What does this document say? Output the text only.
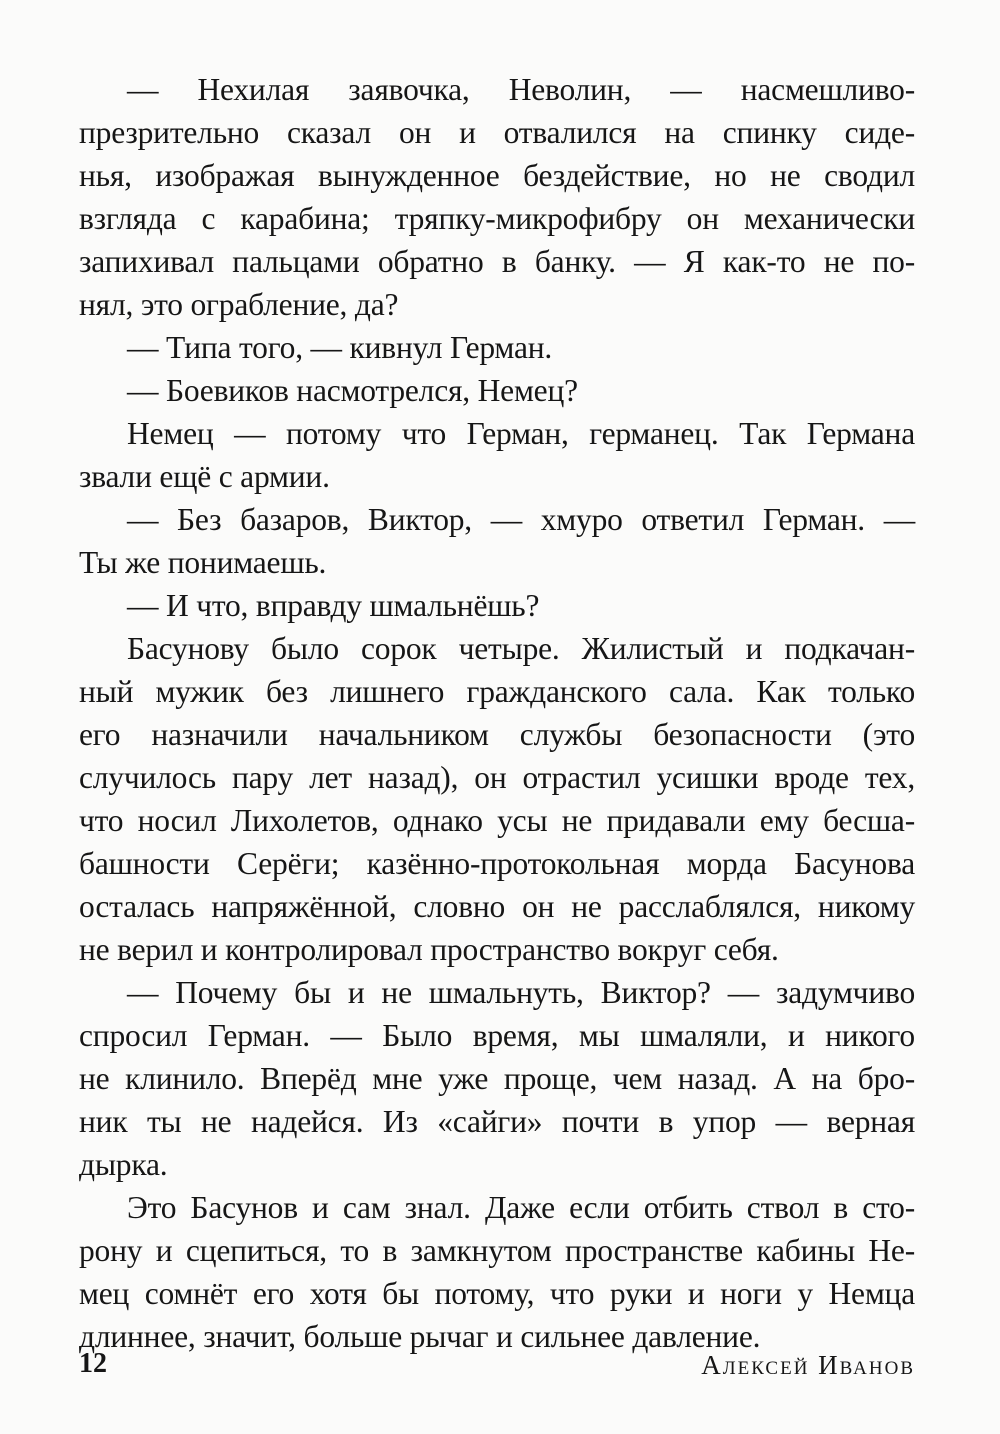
— Нехилая заявочка, Неволин, — насмешливо-
презрительно сказал он и отвалился на спинку сиде-
нья, изображая вынужденное бездействие, но не сводил
взгляда с карабина; тряпку-микрофибру он механически
запихивал пальцами обратно в банку. — Я как-то не по-
нял, это ограбление, да?
— Типа того, — кивнул Герман.
— Боевиков насмотрелся, Немец?
Немец — потому что Герман, германец. Так Германа
звали ещё с армии.
— Без базаров, Виктор, — хмуро ответил Герман. —
Ты же понимаешь.
— И что, вправду шмальнёшь?
Басунову было сорок четыре. Жилистый и подкачан-
ный мужик без лишнего гражданского сала. Как только
его назначили начальником службы безопасности (это
случилось пару лет назад), он отрастил усишки вроде тех,
что носил Лихолетов, однако усы не придавали ему бесша-
башности Серёги; казённо-протокольная морда Басунова
осталась напряжённой, словно он не расслаблялся, никому
не верил и контролировал пространство вокруг себя.
— Почему бы и не шмальнуть, Виктор? — задумчиво
спросил Герман. — Было время, мы шмаляли, и никого
не клинило. Вперёд мне уже проще, чем назад. А на бро-
ник ты не надейся. Из «сайги» почти в упор — верная
дырка.
Это Басунов и сам знал. Даже если отбить ствол в сто-
рону и сцепиться, то в замкнутом пространстве кабины Не-
мец сомнёт его хотя бы потому, что руки и ноги у Немца
длиннее, значит, больше рычаг и сильнее давление.
12	Алексей Иванов
